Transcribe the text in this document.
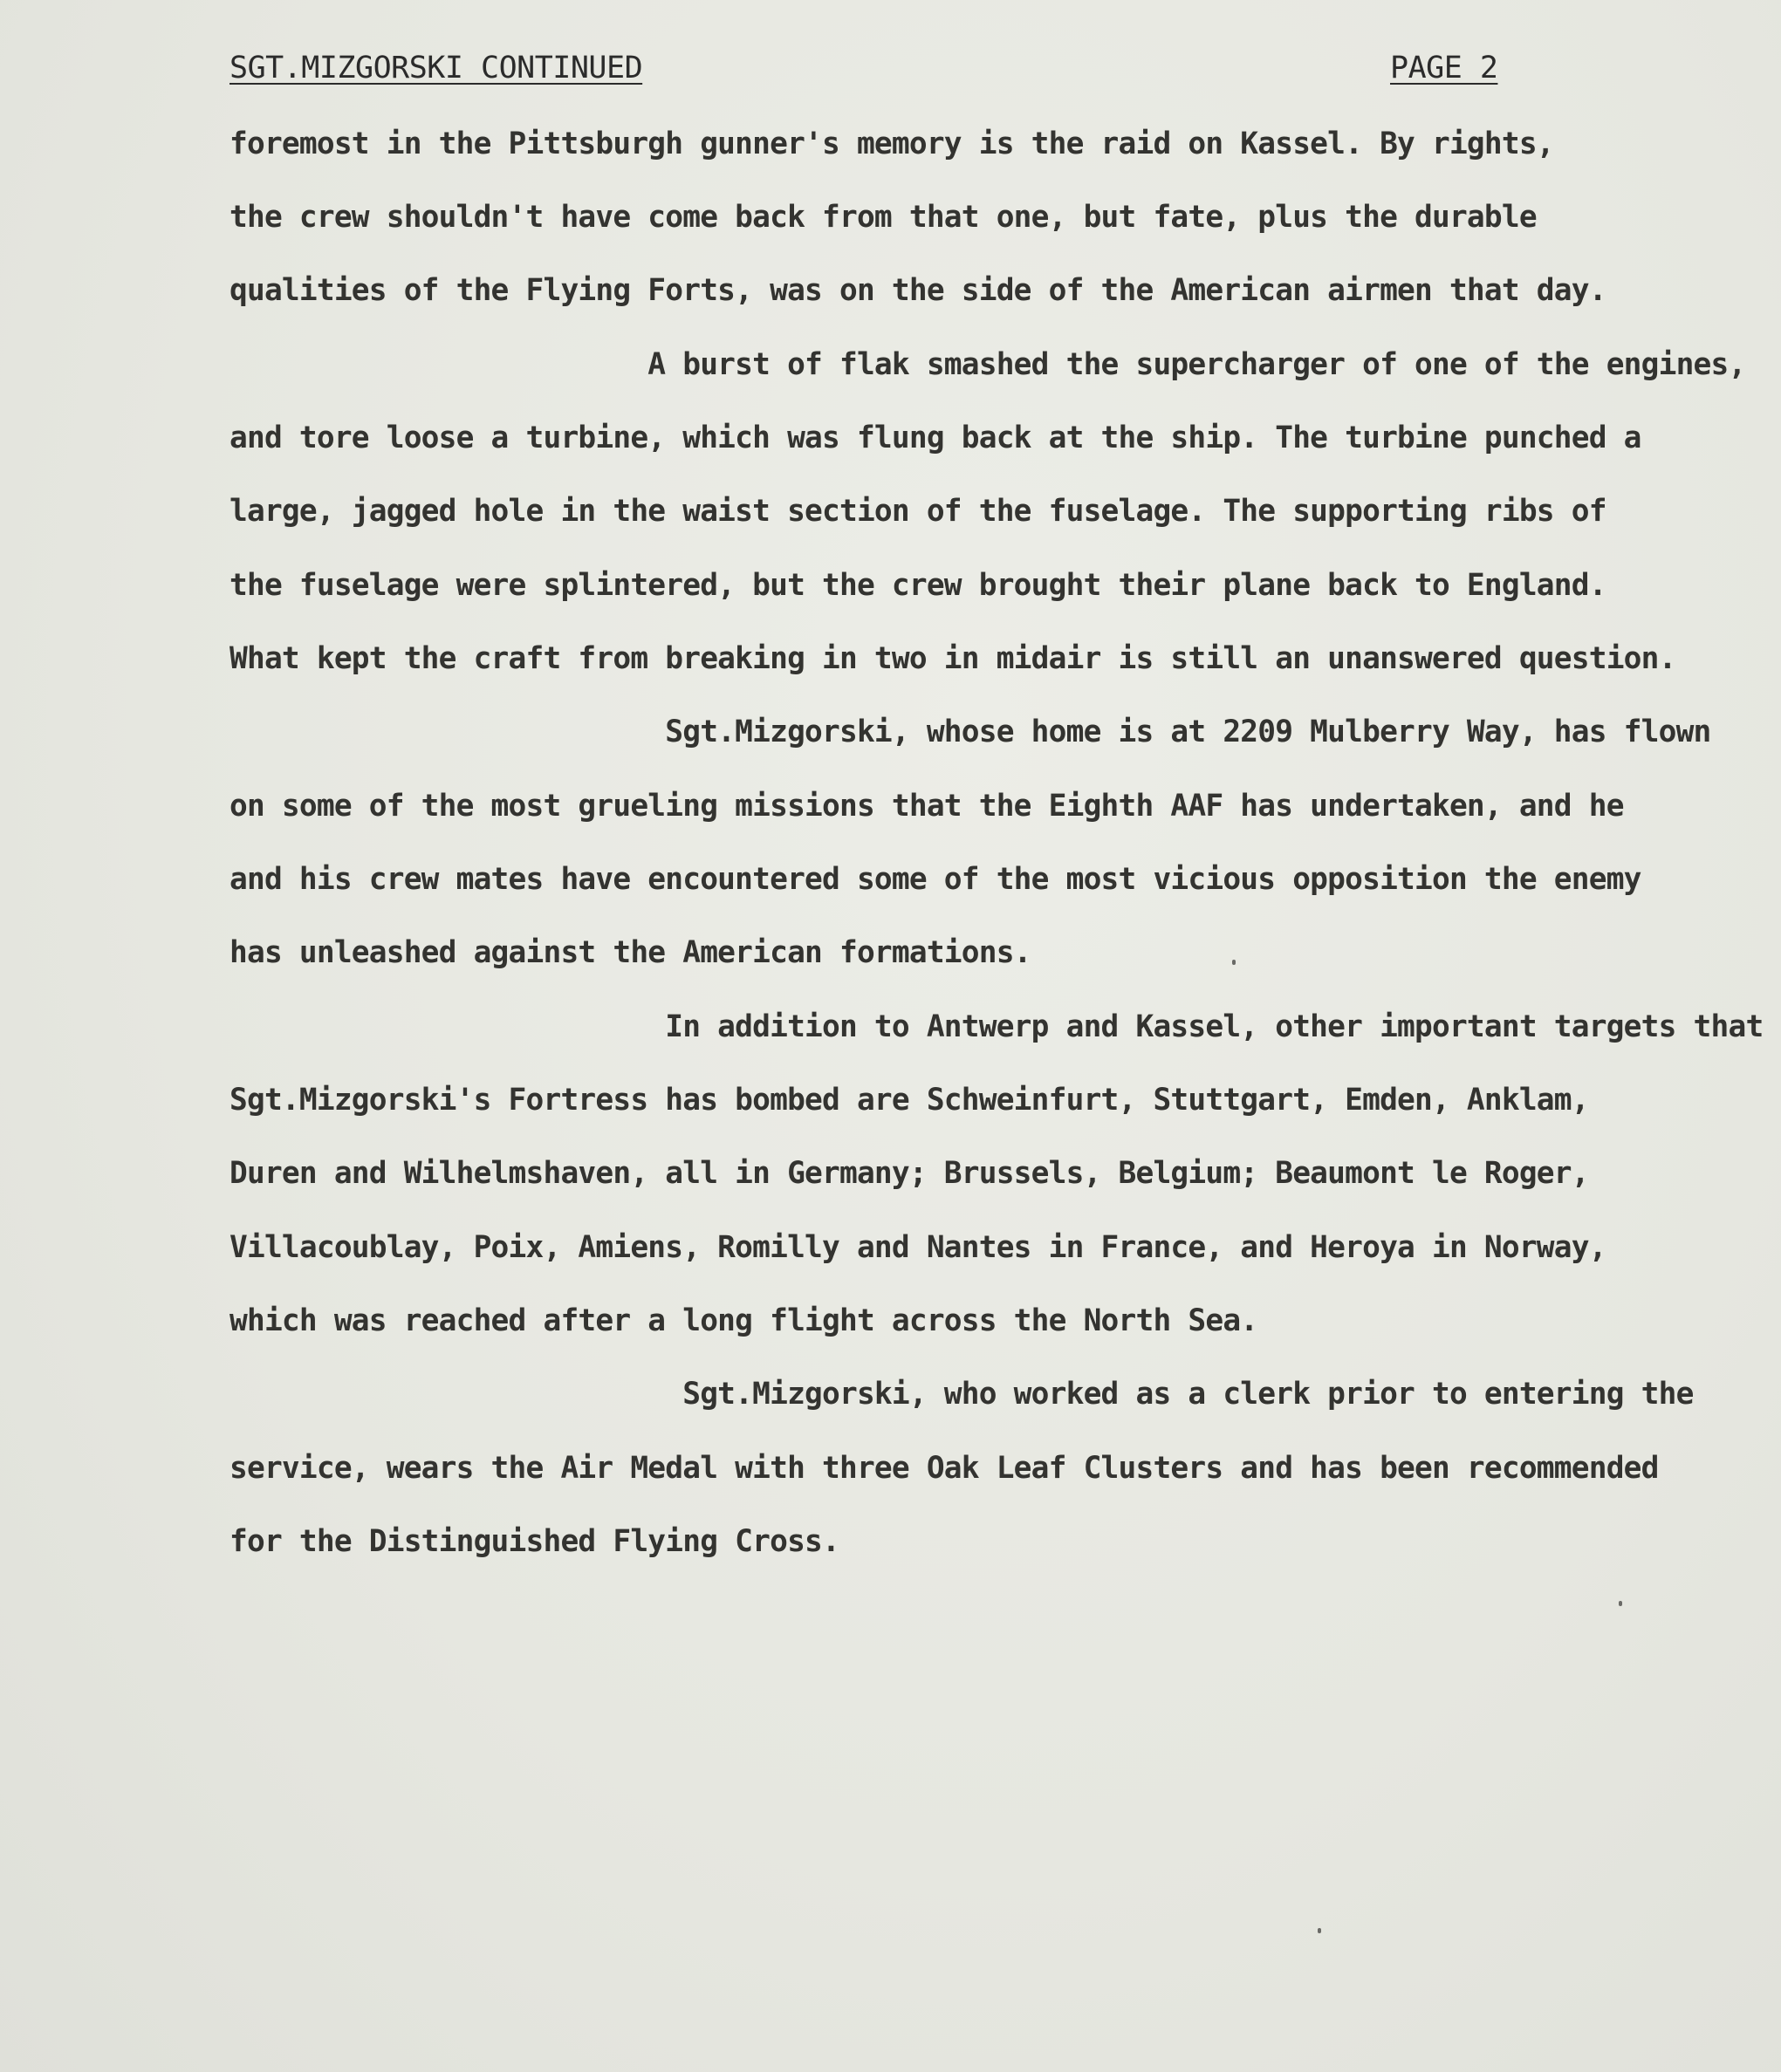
SGT.MIZGORSKI CONTINUED	PAGE 2
foremost in the Pittsburgh gunner's memory is the raid on Kassel. By rights,
the crew shouldn't have come back from that one, but fate, plus the durable
qualities of the Flying Forts, was on the side of the American airmen that day.
A burst of flak smashed the supercharger of one of the engines,
and tore loose a turbine, which was flung back at the ship. The turbine punched a
large, jagged hole in the waist section of the fuselage. The supporting ribs of
the fuselage were splintered, but the crew brought their plane back to England.
What kept the craft from breaking in two in midair is still an unanswered question.
Sgt.Mizgorski, whose home is at 2209 Mulberry Way, has flown
on some of the most grueling missions that the Eighth AAF has undertaken, and he
and his crew mates have encountered some of the most vicious opposition the enemy
has unleashed against the American formations.
In addition to Antwerp and Kassel, other important targets that
Sgt.Mizgorski's Fortress has bombed are Schweinfurt, Stuttgart, Emden, Anklam,
Duren and Wilhelmshaven, all in Germany; Brussels, Belgium; Beaumont le Roger,
Villacoublay, Poix, Amiens, Romilly and Nantes in France, and Heroya in Norway,
which was reached after a long flight across the North Sea.
Sgt.Mizgorski, who worked as a clerk prior to entering the
service, wears the Air Medal with three Oak Leaf Clusters and has been recommended
for the Distinguished Flying Cross.
